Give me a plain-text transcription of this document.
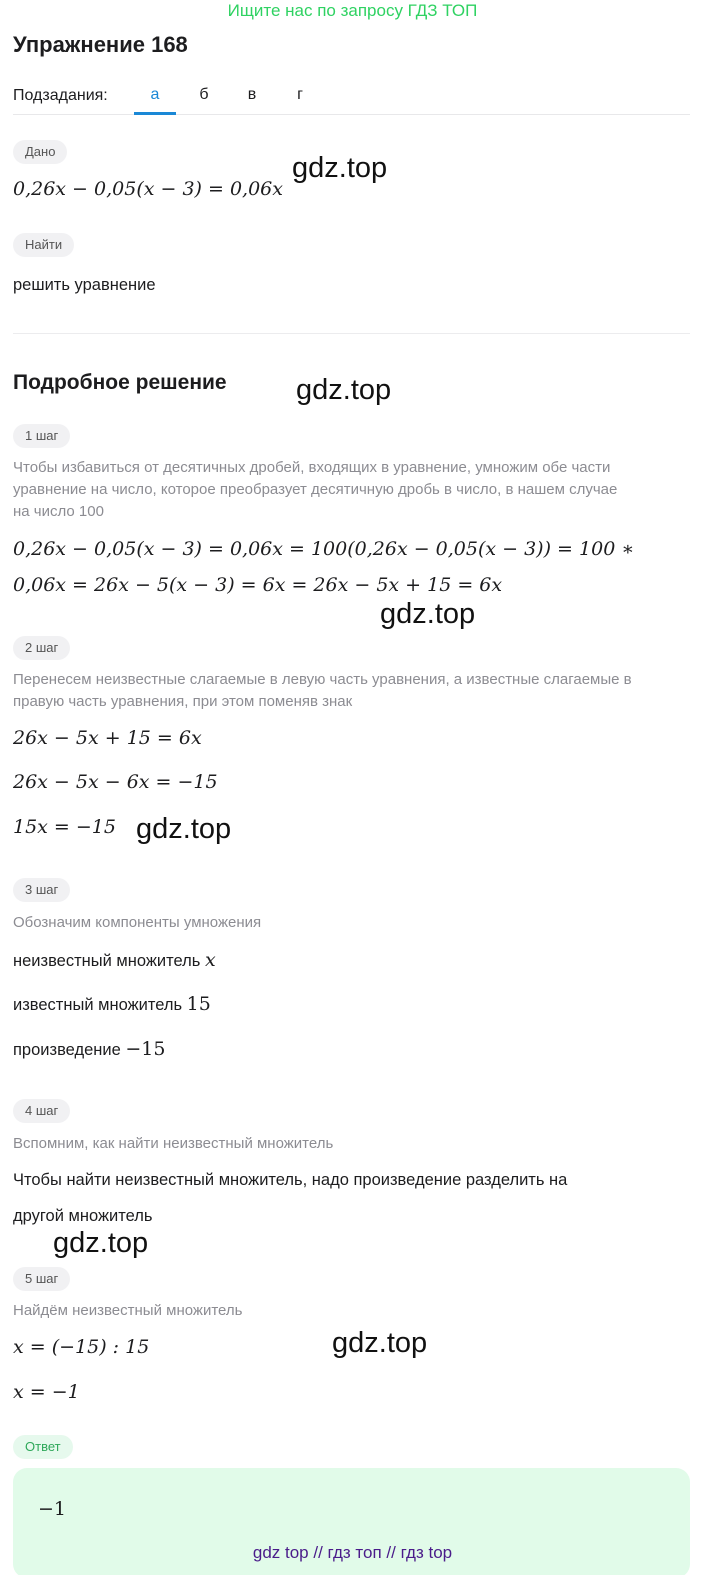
Ищите нас по запросу ГДЗ ТОП
Упражнение 168
Подзадания:	а	б	в	г
Дано
0,26x − 0,05(x − 3) = 0,06x
gdz.top
Найти
решить уравнение
Подробное решение gdz.top
1 шаг
Чтобы избавиться от десятичных дробей, входящих в уравнение, умножим обе части
уравнение на число, которое преобразует десятичную дробь в число, в нашем случае
на число 100
0,26x − 0,05(x − 3) = 0,06x = 100(0,26x − 0,05(x − 3)) = 100 ∗
0,06x = 26x − 5(x − 3) = 6x = 26x − 5x + 15 = 6x
gdz.top
2 шаг
Перенесем неизвестные слагаемые в левую часть уравнения, а известные слагаемые в
правую часть уравнения, при этом поменяв знак
26x − 5x + 15 = 6x
26x − 5x − 6x = −15
15x = −15 gdz.top
3 шаг
Обозначим компоненты умножения
неизвестный множитель x
известный множитель 15
произведение −15
4 шаг
Вспомним, как найти неизвестный множитель
Чтобы найти неизвестный множитель, надо произведение разделить на
другой множитель
gdz.top
5 шаг
Найдём неизвестный множитель
x = (−15) : 15
x = −1
gdz.top
Ответ
−1
gdz top // гдз топ // гдз top
